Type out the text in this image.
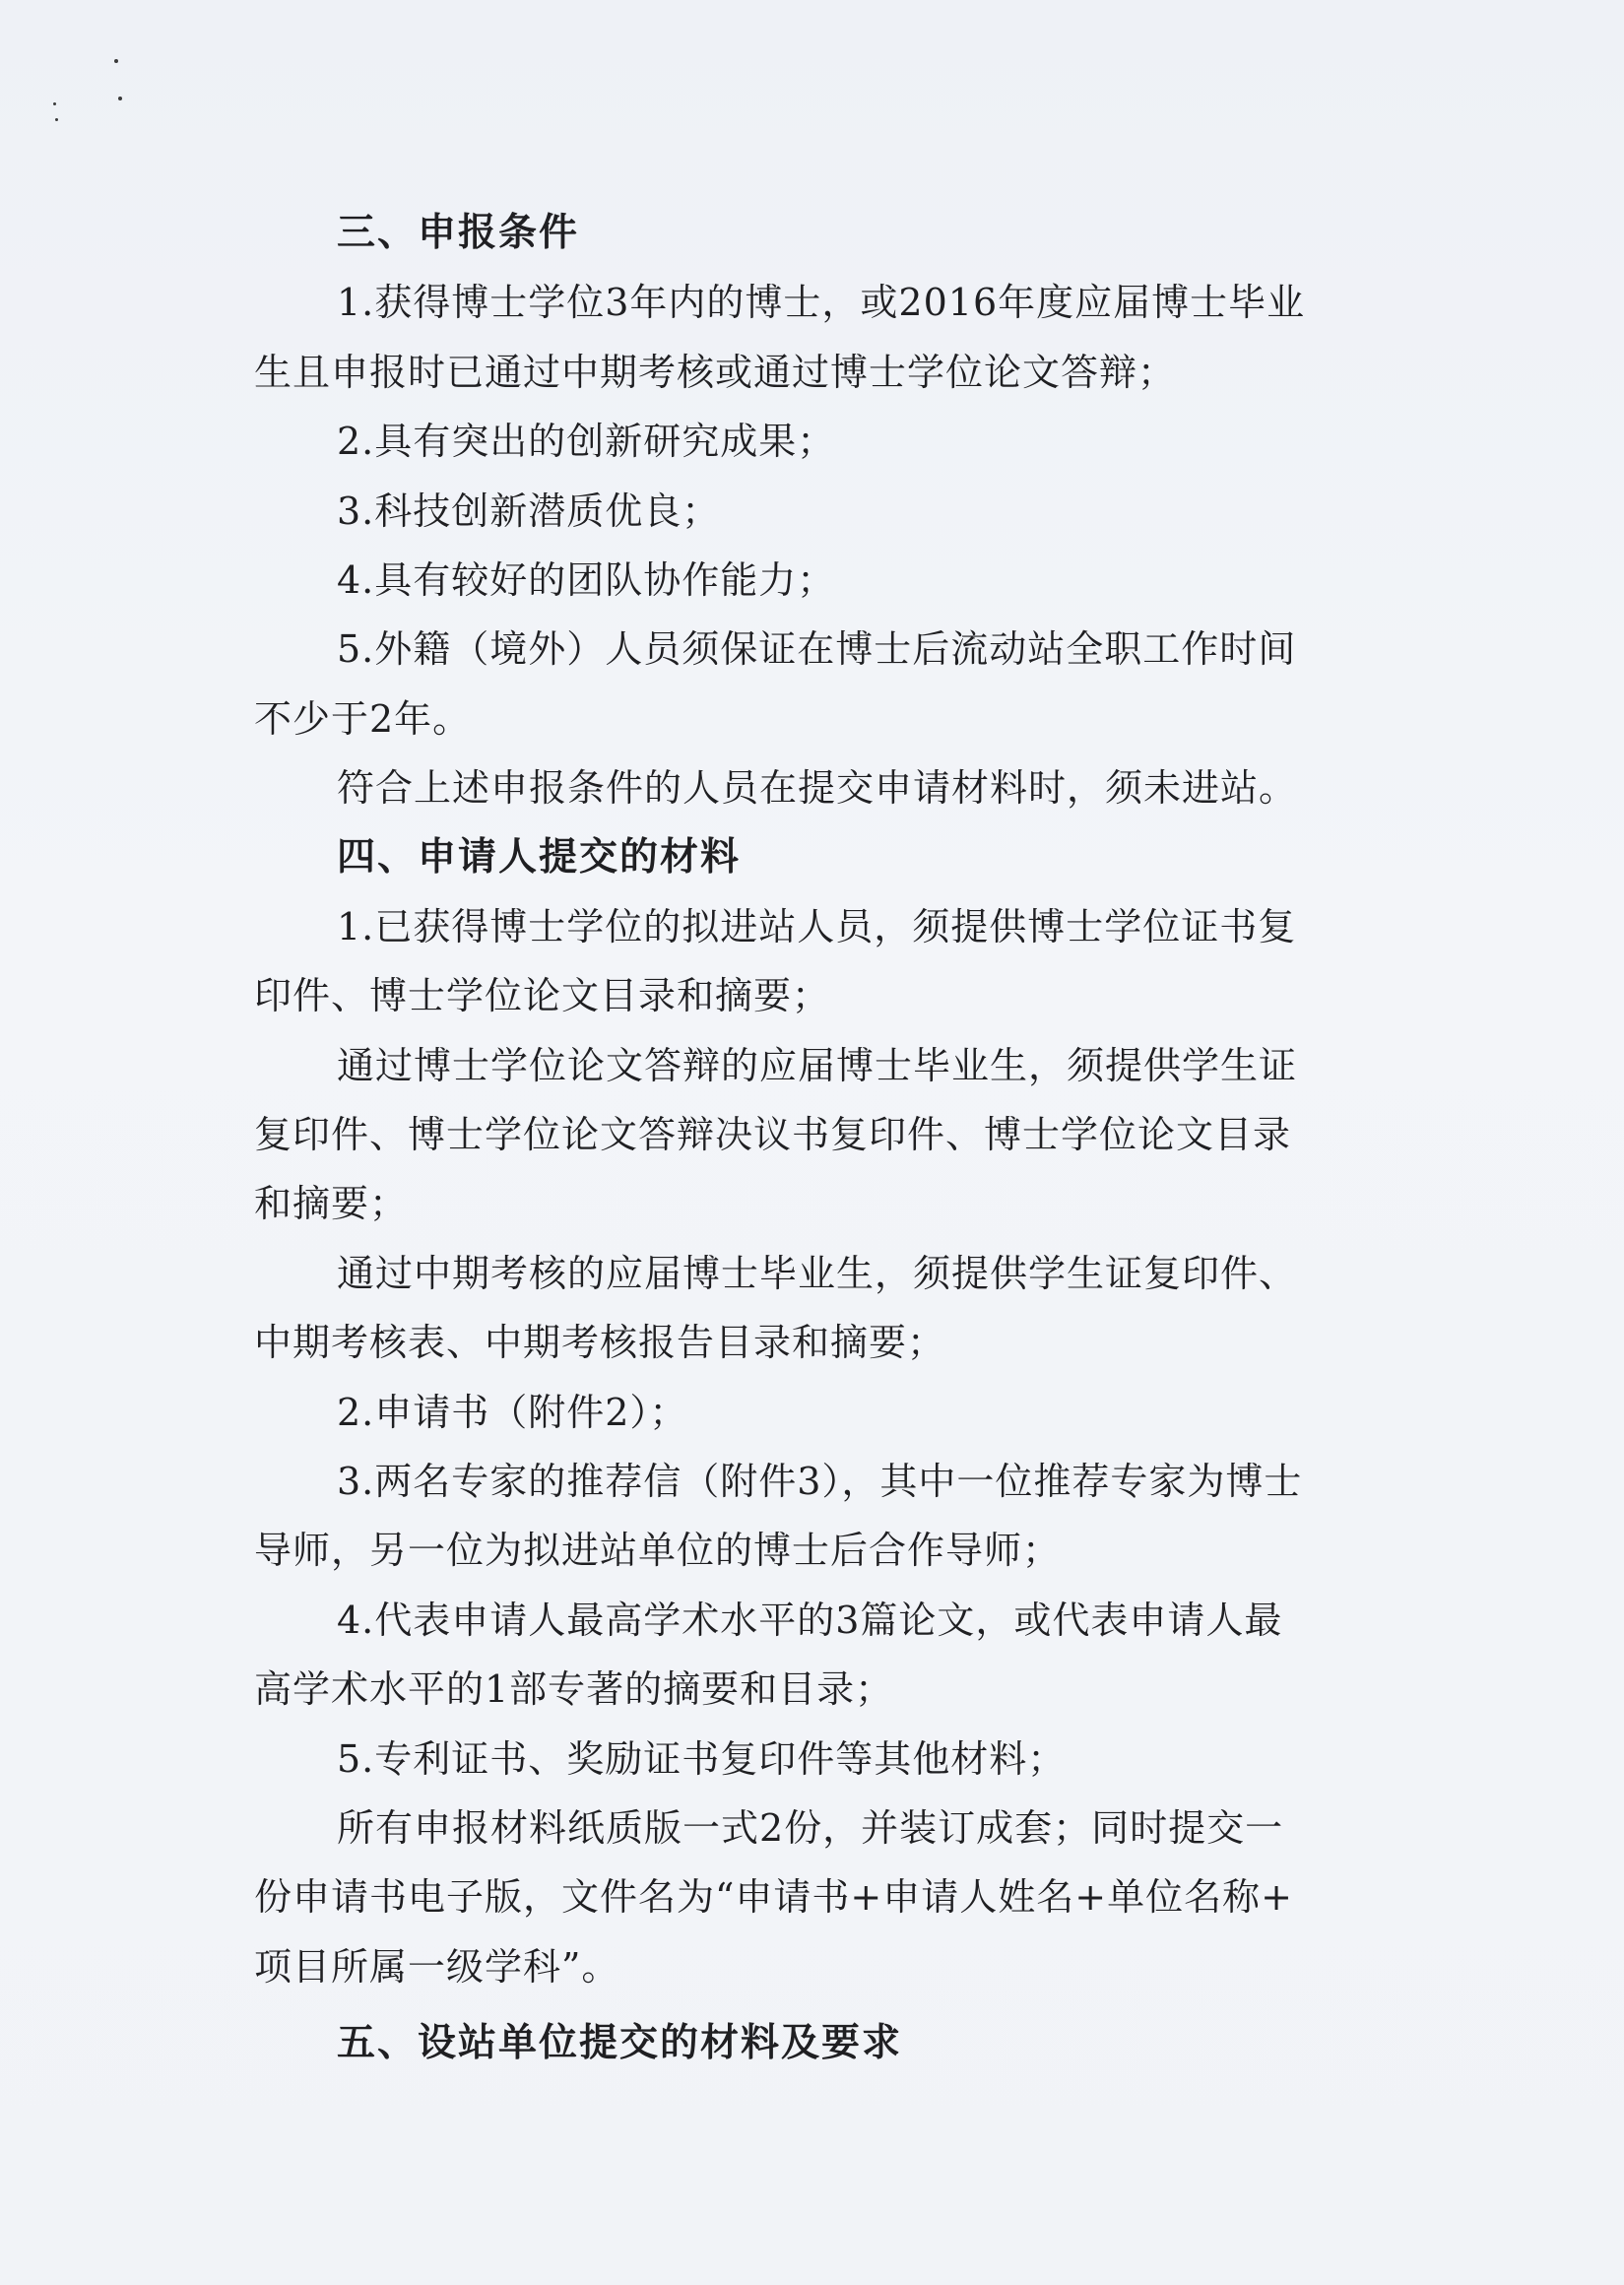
三、申报条件
1.获得博士学位3年内的博士，或2016年度应届博士毕业
生且申报时已通过中期考核或通过博士学位论文答辩；
2.具有突出的创新研究成果；
3.科技创新潜质优良；
4.具有较好的团队协作能力；
5.外籍（境外）人员须保证在博士后流动站全职工作时间
不少于2年。
符合上述申报条件的人员在提交申请材料时，须未进站。
四、申请人提交的材料
1.已获得博士学位的拟进站人员，须提供博士学位证书复
印件、博士学位论文目录和摘要；
通过博士学位论文答辩的应届博士毕业生，须提供学生证
复印件、博士学位论文答辩决议书复印件、博士学位论文目录
和摘要；
通过中期考核的应届博士毕业生，须提供学生证复印件、
中期考核表、中期考核报告目录和摘要；
2.申请书（附件2）；
3.两名专家的推荐信（附件3），其中一位推荐专家为博士
导师，另一位为拟进站单位的博士后合作导师；
4.代表申请人最高学术水平的3篇论文，或代表申请人最
高学术水平的1部专著的摘要和目录；
5.专利证书、奖励证书复印件等其他材料；
所有申报材料纸质版一式2份，并装订成套；同时提交一
份申请书电子版，文件名为“申请书+申请人姓名+单位名称+
项目所属一级学科”。
五、设站单位提交的材料及要求
